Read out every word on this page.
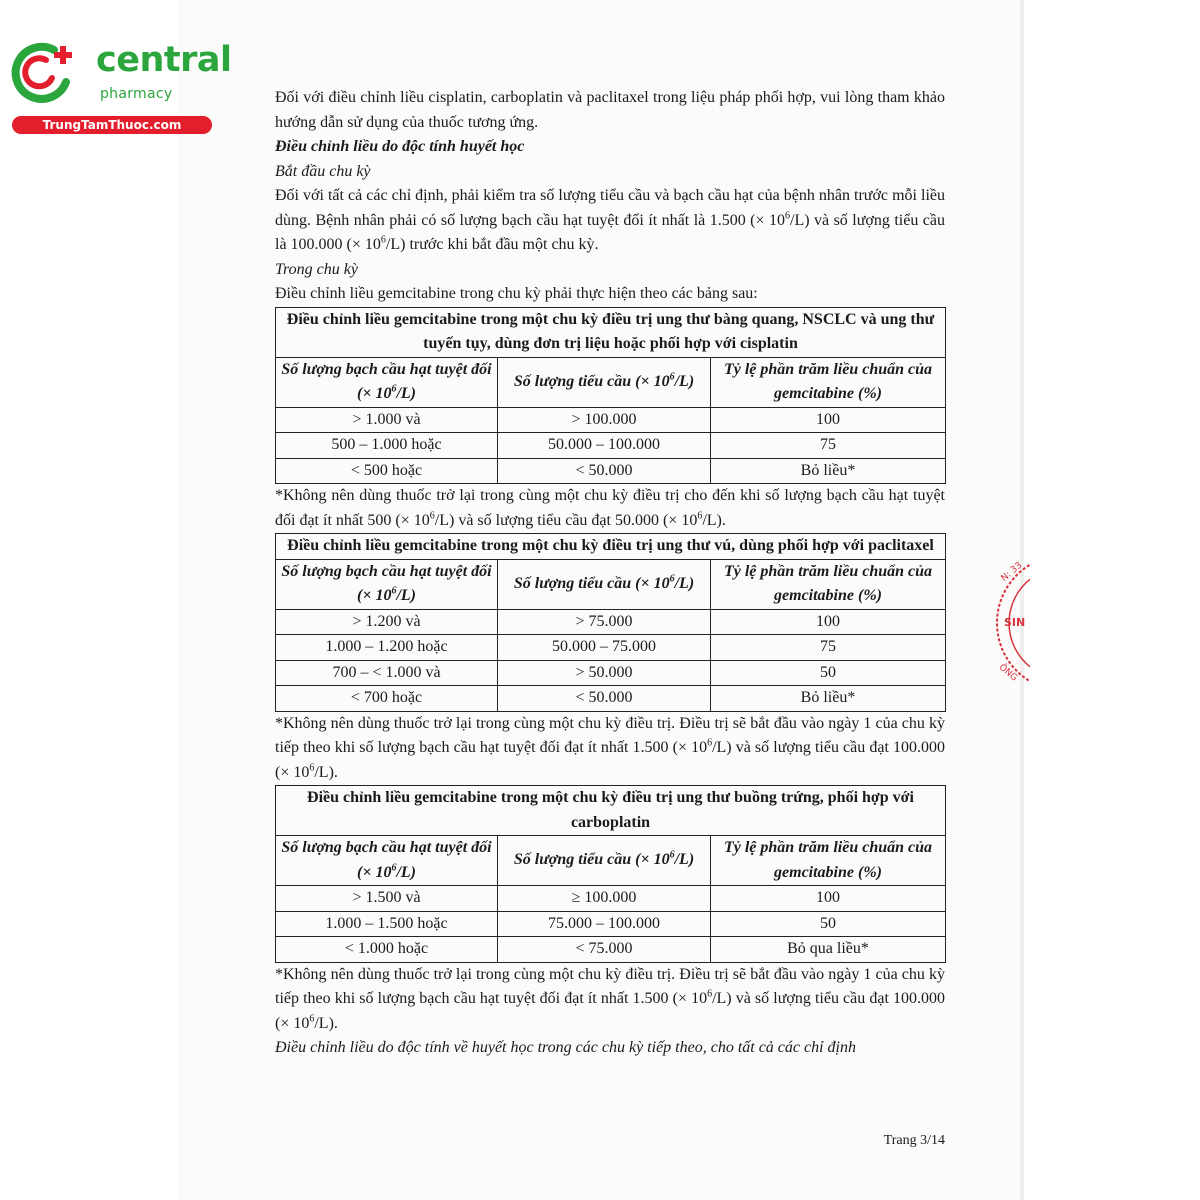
central
pharmacy
TrungTamThuoc.com
N: 33
SIN
ÔNG

Đối với điều chỉnh liều cisplatin, carboplatin và paclitaxel trong liệu pháp phối hợp, vui lòng tham khảo hướng dẫn sử dụng của thuốc tương ứng.

Điều chỉnh liều do độc tính huyết học

Bắt đầu chu kỳ

Đối với tất cả các chỉ định, phải kiểm tra số lượng tiểu cầu và bạch cầu hạt của bệnh nhân trước mỗi liều dùng. Bệnh nhân phải có số lượng bạch cầu hạt tuyệt đối ít nhất là 1.500 (× $10^6/L$) và số lượng tiểu cầu là 100.000 (× $10^6/L$) trước khi bắt đầu một chu kỳ.

Trong chu kỳ

Điều chỉnh liều gemcitabine trong chu kỳ phải thực hiện theo các bảng sau:

Điều chỉnh liều gemcitabine trong một chu kỳ điều trị ung thư bàng quang, NSCLC và ung thư tuyến tụy, dùng đơn trị liệu hoặc phối hợp với cisplatin		
Số lượng bạch cầu hạt tuyệt đối (× $10^6/L$)	Số lượng tiểu cầu (× $10^6/L$)	Tỷ lệ phần trăm liều chuẩn của gemcitabine (%)
> 1.000 và	> 100.000	100
500 – 1.000 hoặc	50.000 – 100.000	75
< 500 hoặc	< 50.000	Bỏ liều*

*Không nên dùng thuốc trở lại trong cùng một chu kỳ điều trị cho đến khi số lượng bạch cầu hạt tuyệt đối đạt ít nhất 500 (× $10^6/L$) và số lượng tiểu cầu đạt 50.000 (× $10^6/L$).

Điều chỉnh liều gemcitabine trong một chu kỳ điều trị ung thư vú, dùng phối hợp với paclitaxel		
Số lượng bạch cầu hạt tuyệt đối (× $10^6/L$)	Số lượng tiểu cầu (× $10^6/L$)	Tỷ lệ phần trăm liều chuẩn của gemcitabine (%)
> 1.200 và	> 75.000	100
1.000 – 1.200 hoặc	50.000 – 75.000	75
700 – < 1.000 và	> 50.000	50
< 700 hoặc	< 50.000	Bỏ liều*

*Không nên dùng thuốc trở lại trong cùng một chu kỳ điều trị. Điều trị sẽ bắt đầu vào ngày 1 của chu kỳ tiếp theo khi số lượng bạch cầu hạt tuyệt đối đạt ít nhất 1.500 (× $10^6/L$) và số lượng tiểu cầu đạt 100.000 (× $10^6/L$).

Điều chỉnh liều gemcitabine trong một chu kỳ điều trị ung thư buồng trứng, phối hợp với carboplatin		
Số lượng bạch cầu hạt tuyệt đối (× $10^6/L$)	Số lượng tiểu cầu (× $10^6/L$)	Tỷ lệ phần trăm liều chuẩn của gemcitabine (%)
> 1.500 và	≥ 100.000	100
1.000 – 1.500 hoặc	75.000 – 100.000	50
< 1.000 hoặc	< 75.000	Bỏ qua liều*

*Không nên dùng thuốc trở lại trong cùng một chu kỳ điều trị. Điều trị sẽ bắt đầu vào ngày 1 của chu kỳ tiếp theo khi số lượng bạch cầu hạt tuyệt đối đạt ít nhất 1.500 (× $10^6/L$) và số lượng tiểu cầu đạt 100.000 (× $10^6/L$).

Điều chỉnh liều do độc tính về huyết học trong các chu kỳ tiếp theo, cho tất cả các chỉ định

Trang 3/14
